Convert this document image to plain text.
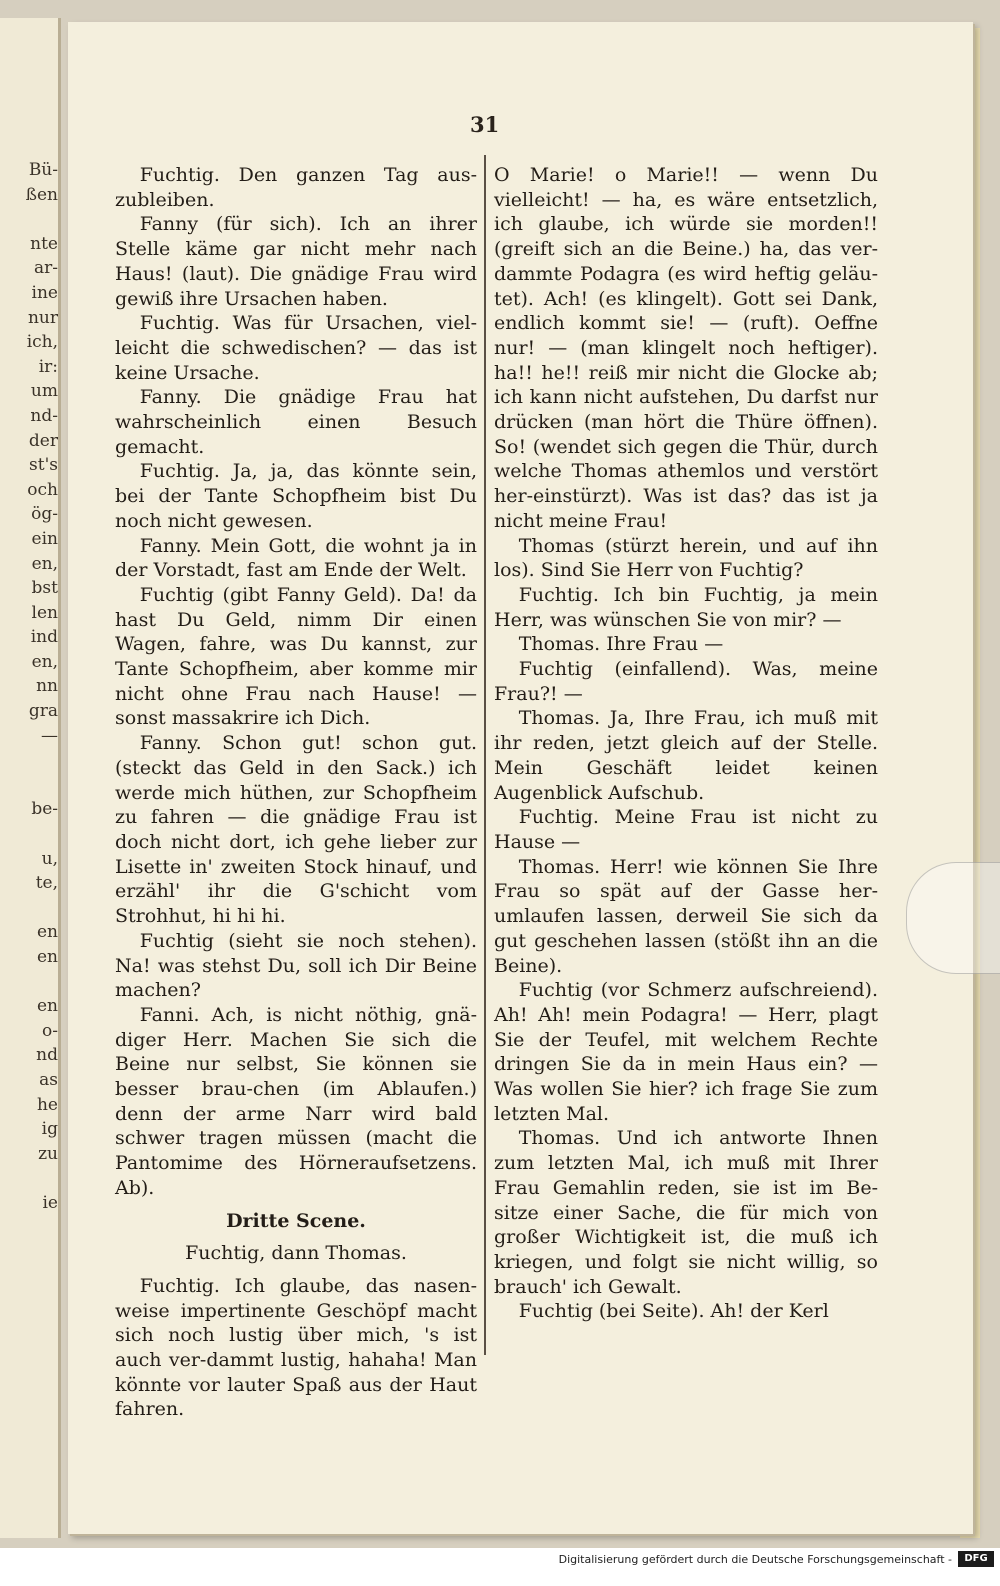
Bü-
ßen
nte
ar-
ine
nur
ich,
ir:
um
nd-
der
st's
och
ög-
ein
en,
bst
len
ind
en,
nn
gra
—
be-
u,
te,
en
en
en
o-
nd
as
he
ig
zu
ie
31

Fuchtig. Den ganzen Tag aus-zubleiben.

Fanny (für sich). Ich an ihrer Stelle käme gar nicht mehr nach Haus! (laut). Die gnädige Frau wird gewiß ihre Ursachen haben.

Fuchtig. Was für Ursachen, viel-leicht die schwedischen? — das ist keine Ursache.

Fanny. Die gnädige Frau hat wahrscheinlich einen Besuch gemacht.

Fuchtig. Ja, ja, das könnte sein, bei der Tante Schopfheim bist Du noch nicht gewesen.

Fanny. Mein Gott, die wohnt ja in der Vorstadt, fast am Ende der Welt.

Fuchtig (gibt Fanny Geld). Da! da hast Du Geld, nimm Dir einen Wagen, fahre, was Du kannst, zur Tante Schopfheim, aber komme mir nicht ohne Frau nach Hause! — sonst massakrire ich Dich.

Fanny. Schon gut! schon gut. (steckt das Geld in den Sack.) ich werde mich hüthen, zur Schopfheim zu fahren — die gnädige Frau ist doch nicht dort, ich gehe lieber zur Lisette in' zweiten Stock hinauf, und erzähl' ihr die G'schicht vom Strohhut, hi hi hi.

Fuchtig (sieht sie noch stehen). Na! was stehst Du, soll ich Dir Beine machen?

Fanni. Ach, is nicht nöthig, gnä-diger Herr. Machen Sie sich die Beine nur selbst, Sie können sie besser brau-chen (im Ablaufen.) denn der arme Narr wird bald schwer tragen müssen (macht die Pantomime des Hörneraufsetzens. Ab).

Dritte Scene.

Fuchtig, dann Thomas.

Fuchtig. Ich glaube, das nasen-weise impertinente Geschöpf macht sich noch lustig über mich, 's ist auch ver-dammt lustig, hahaha! Man könnte vor lauter Spaß aus der Haut fahren.

O Marie! o Marie!! — wenn Du vielleicht! — ha, es wäre entsetzlich, ich glaube, ich würde sie morden!! (greift sich an die Beine.) ha, das ver-dammte Podagra (es wird heftig geläu-tet). Ach! (es klingelt). Gott sei Dank, endlich kommt sie! — (ruft). Oeffne nur! — (man klingelt noch heftiger). ha!! he!! reiß mir nicht die Glocke ab; ich kann nicht aufstehen, Du darfst nur drücken (man hört die Thüre öffnen). So! (wendet sich gegen die Thür, durch welche Thomas athemlos und verstört her-einstürzt). Was ist das? das ist ja nicht meine Frau!

Thomas (stürzt herein, und auf ihn los). Sind Sie Herr von Fuchtig?

Fuchtig. Ich bin Fuchtig, ja mein Herr, was wünschen Sie von mir? —

Thomas. Ihre Frau —

Fuchtig (einfallend). Was, meine Frau?! —

Thomas. Ja, Ihre Frau, ich muß mit ihr reden, jetzt gleich auf der Stelle. Mein Geschäft leidet keinen Augenblick Aufschub.

Fuchtig. Meine Frau ist nicht zu Hause —

Thomas. Herr! wie können Sie Ihre Frau so spät auf der Gasse her-umlaufen lassen, derweil Sie sich da gut geschehen lassen (stößt ihn an die Beine).

Fuchtig (vor Schmerz aufschreiend). Ah! Ah! mein Podagra! — Herr, plagt Sie der Teufel, mit welchem Rechte dringen Sie da in mein Haus ein? — Was wollen Sie hier? ich frage Sie zum letzten Mal.

Thomas. Und ich antworte Ihnen zum letzten Mal, ich muß mit Ihrer Frau Gemahlin reden, sie ist im Be-sitze einer Sache, die für mich von großer Wichtigkeit ist, die muß ich kriegen, und folgt sie nicht willig, so brauch' ich Gewalt.

Fuchtig (bei Seite). Ah! der Kerl

Digitalisierung gefördert durch die Deutsche Forschungsgemeinschaft -	DFG
